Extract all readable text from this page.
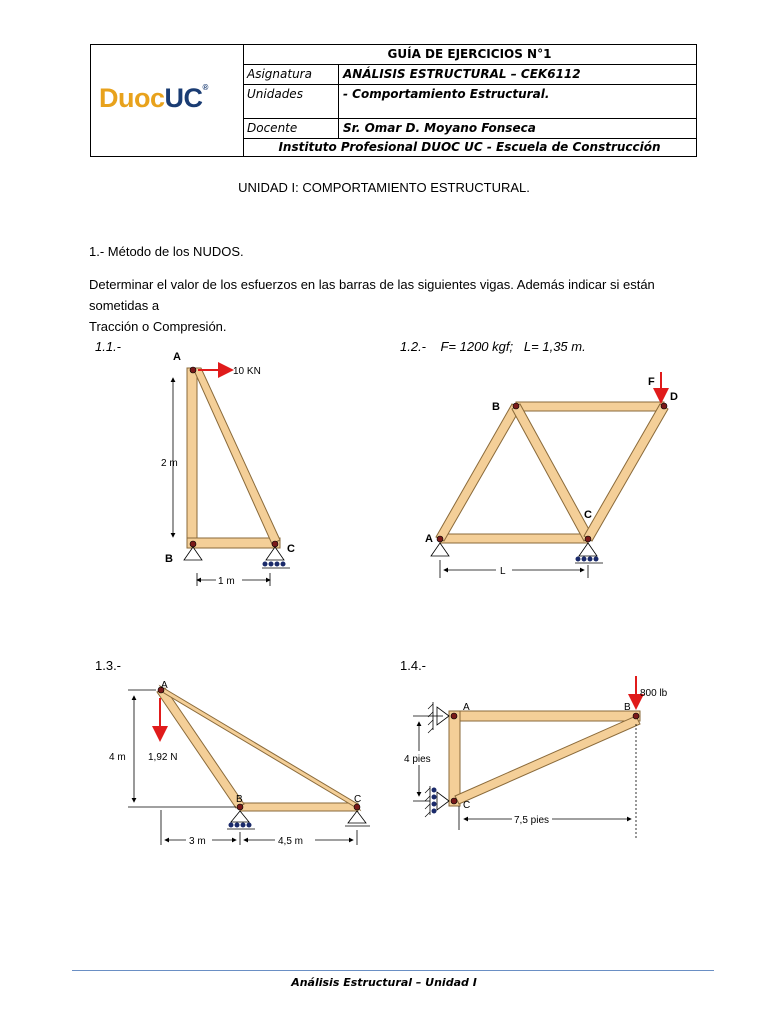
DuocUC®
GUÍA DE EJERCICIOS N°1
Asignatura	ANÁLISIS ESTRUCTURAL – CEK6112
Unidades	- Comportamiento Estructural.
Docente	Sr. Omar D. Moyano Fonseca
Instituto Profesional DUOC UC - Escuela de Construcción
UNIDAD I: COMPORTAMIENTO ESTRUCTURAL.
1.- Método de los NUDOS.
Determinar el valor de los esfuerzos en las barras de las siguientes vigas. Además indicar si están sometidas a
Tracción o Compresión.
1.1.-	1.2.-    F= 1200 kgf;   L= 1,35 m.
1.3.-	1.4.-
10 KN
A
B
C
2 m
1 m
F
A
B
C
D
L
1,92 N
A
B	C
4 m
3 m	4,5 m
800 lb
A	B
C
4 pies
7,5 pies
Análisis Estructural – Unidad I
